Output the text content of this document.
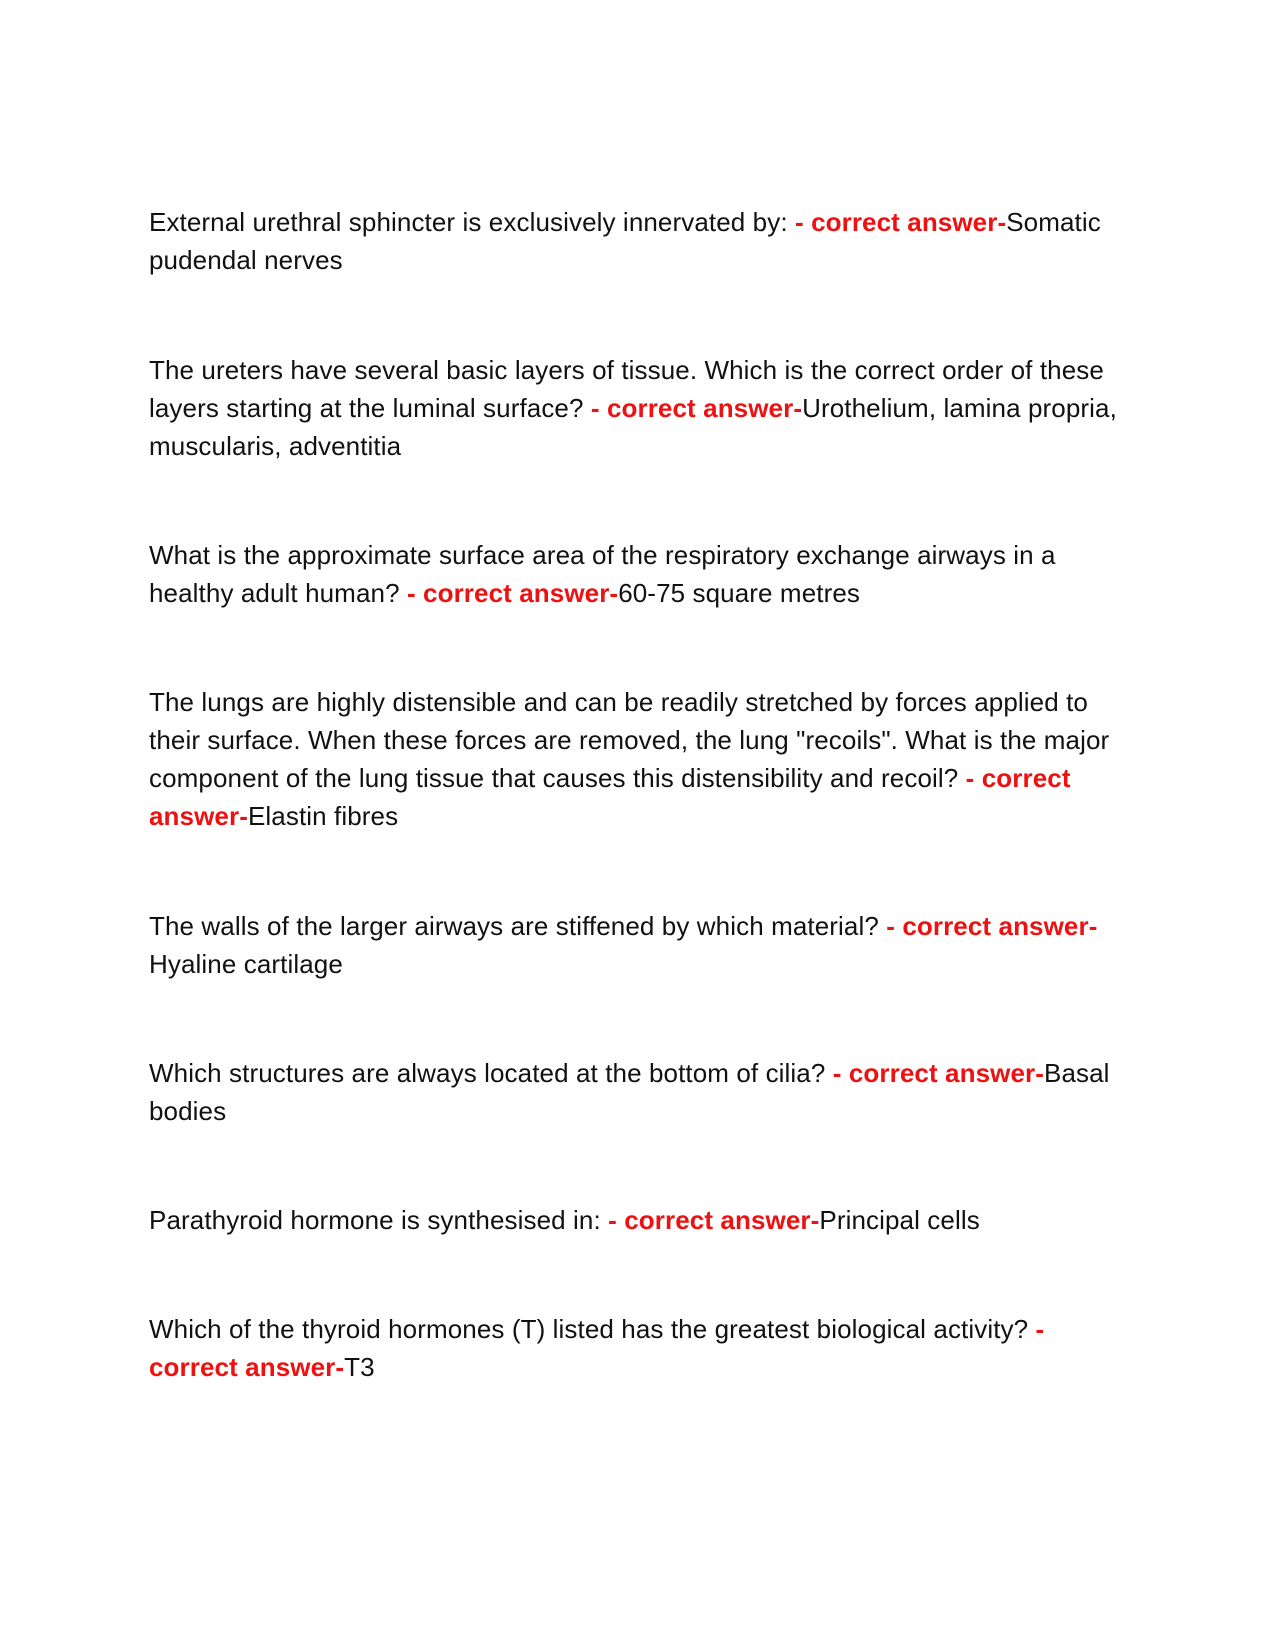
External urethral sphincter is exclusively innervated by: - correct answer-Somatic pudendal nerves

The ureters have several basic layers of tissue. Which is the correct order of these layers starting at the luminal surface? - correct answer-Urothelium, lamina propria, muscularis, adventitia

What is the approximate surface area of the respiratory exchange airways in a healthy adult human? - correct answer-60-75 square metres

The lungs are highly distensible and can be readily stretched by forces applied to their surface. When these forces are removed, the lung "recoils". What is the major component of the lung tissue that causes this distensibility and recoil? - correct answer-Elastin fibres

The walls of the larger airways are stiffened by which material? - correct answer-Hyaline cartilage

Which structures are always located at the bottom of cilia? - correct answer-Basal bodies

Parathyroid hormone is synthesised in: - correct answer-Principal cells

Which of the thyroid hormones (T) listed has the greatest biological activity? - correct answer-T3
